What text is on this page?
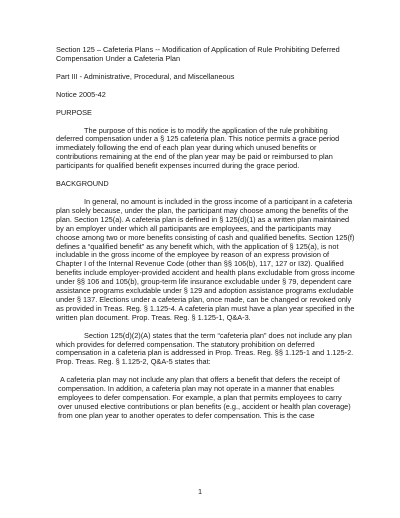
Section 125 – Cafeteria Plans -- Modification of Application of Rule Prohibiting Deferred Compensation Under a Cafeteria Plan

Part III - Administrative, Procedural, and Miscellaneous

Notice 2005-42

PURPOSE

The purpose of this notice is to modify the application of the rule prohibiting deferred compensation under a § 125 cafeteria plan. This notice permits a grace period immediately following the end of each plan year during which unused benefits or contributions remaining at the end of the plan year may be paid or reimbursed to plan participants for qualified benefit expenses incurred during the grace period.

BACKGROUND

In general, no amount is included in the gross income of a participant in a cafeteria plan solely because, under the plan, the participant may choose among the benefits of the plan. Section 125(a). A cafeteria plan is defined in § 125(d)(1) as a written plan maintained by an employer under which all participants are employees, and the participants may choose among two or more benefits consisting of cash and qualified benefits. Section 125(f) defines a “qualified benefit” as any benefit which, with the application of § 125(a), is not includable in the gross income of the employee by reason of an express provision of Chapter I of the Internal Revenue Code (other than §§ 106(b), 117, 127 or I32). Qualified benefits include employer-provided accident and health plans excludable from gross income under §§ 106 and 105(b), group-term life insurance excludable under § 79, dependent care assistance programs excludable under § 129 and adoption assistance programs excludable under § 137. Elections under a cafeteria plan, once made, can be changed or revoked only as provided in Treas. Reg. § 1.125-4. A cafeteria plan must have a plan year specified in the written plan document. Prop. Treas. Reg. § 1.125-1, Q&A-3.

Section 125(d)(2)(A) states that the term “cafeteria plan” does not include any plan which provides for deferred compensation. The statutory prohibition on deferred compensation in a cafeteria plan is addressed in Prop. Treas. Reg. §§ 1.125-1 and 1.125-2. Prop. Treas. Reg. § 1.125-2, Q&A-5 states that:

A cafeteria plan may not include any plan that offers a benefit that defers the receipt of compensation. In addition, a cafeteria plan may not operate in a manner that enables employees to defer compensation. For example, a plan that permits employees to carry over unused elective contributions or plan benefits (e.g., accident or health plan coverage) from one plan year to another operates to defer compensation. This is the case

1
